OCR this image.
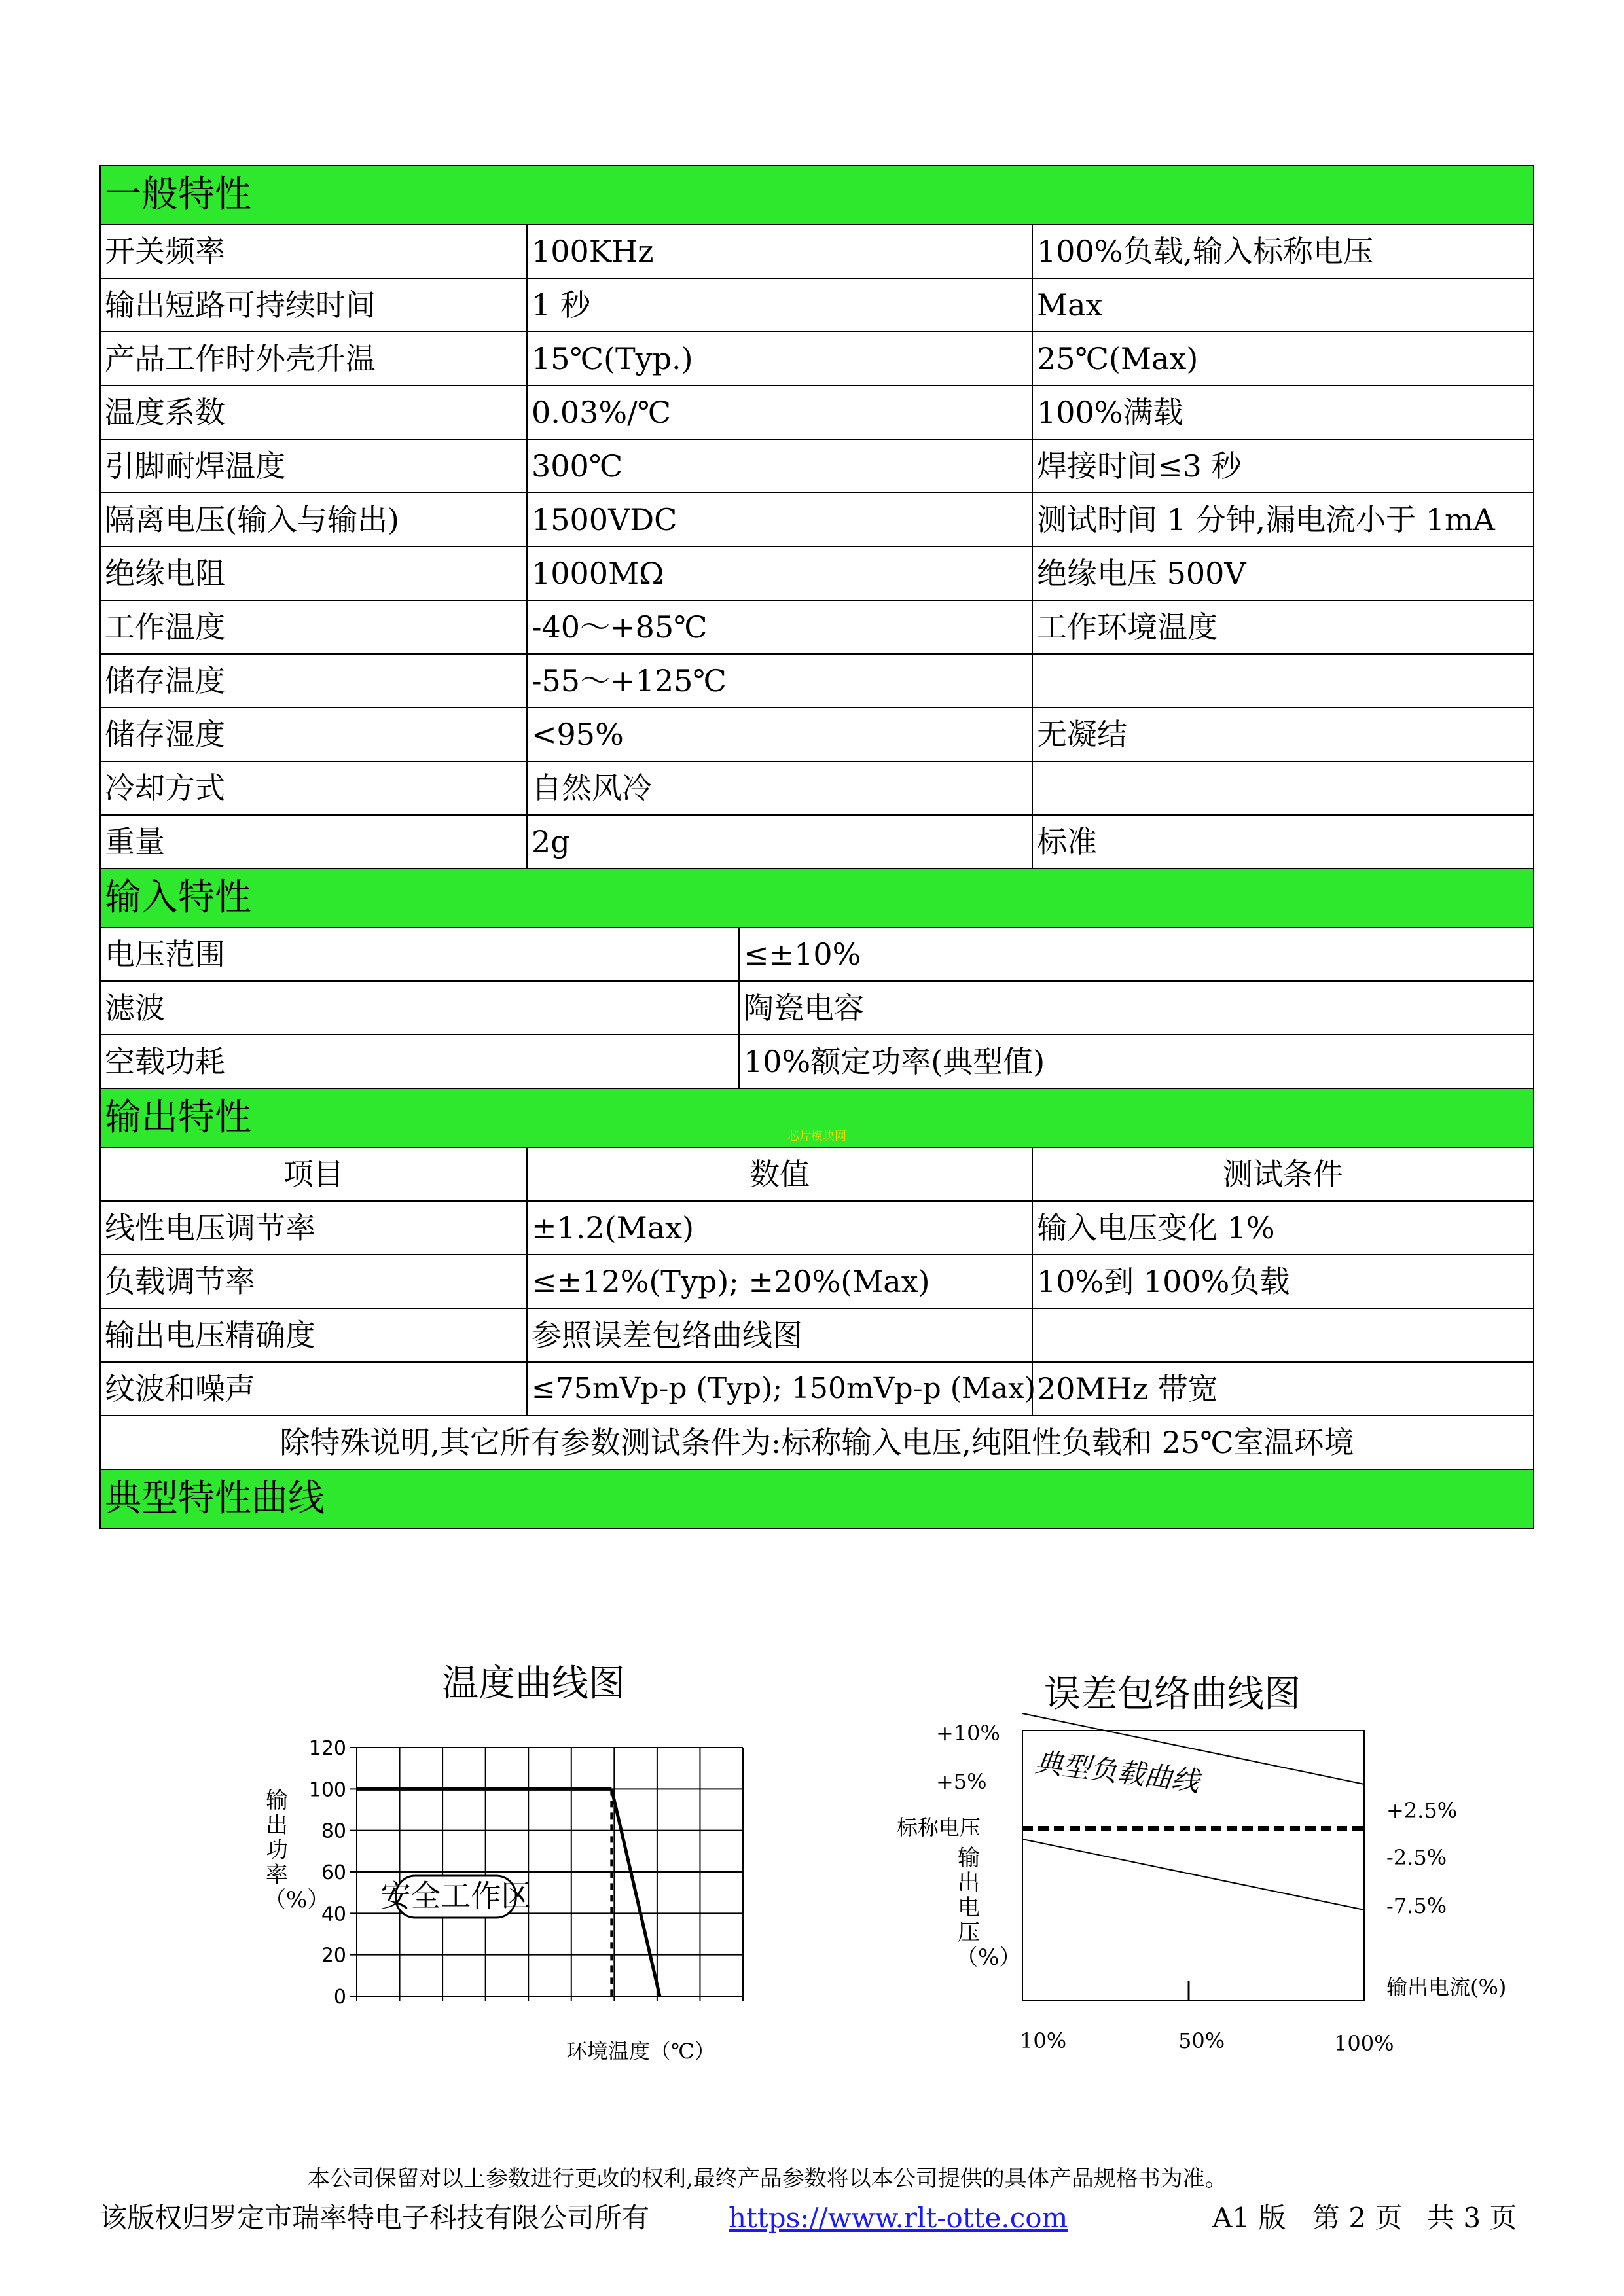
一般特性		
开关频率	100KHz	100%负载,输入标称电压
输出短路可持续时间	1 秒	Max
产品工作时外壳升温	15℃(Typ.)	25℃(Max)
温度系数	0.03%/℃	100%满载
引脚耐焊温度	300℃	焊接时间≤3 秒
隔离电压(输入与输出)	1500VDC	测试时间 1 分钟,漏电流小于 1mA
绝缘电阻	1000MΩ	绝缘电压 500V
工作温度	-40～+85℃	工作环境温度
储存温度	-55～+125℃	
储存湿度	<95%	无凝结
冷却方式	自然风冷	
重量	2g	标准
输入特性		

电压范围 ≤±10%		

滤波 陶瓷电容		

空载功耗 10%额定功率(典型值)		

输出特性 芯片模块网		

项目	数值	测试条件
线性电压调节率	±1.2(Max)	输入电压变化 1%
负载调节率	≤±12%(Typ); ±20%(Max)	10%到 100%负载
输出电压精确度	参照误差包络曲线图	
纹波和噪声	≤75mVp-p (Typ); 150mVp-p (Max)	20MHz 带宽
除特殊说明,其它所有参数测试条件为:标称输入电压,纯阻性负载和 25℃室温环境		
典型特性曲线		
温度曲线图
输出功率（%）
0
20
40
60
80
100
120
安全工作区
环境温度（℃）
误差包络曲线图
+10%
+5%
标称电压
输出电压（%）
典型负载曲线
+2.5%
-2.5%
-7.5%
输出电流(%)
10%	50%	100%
本公司保留对以上参数进行更改的权利,最终产品参数将以本公司提供的具体产品规格书为准。
该版权归罗定市瑞率特电子科技有限公司所有	https://www.rlt-otte.com	A1 版 第 2 页 共 3 页
